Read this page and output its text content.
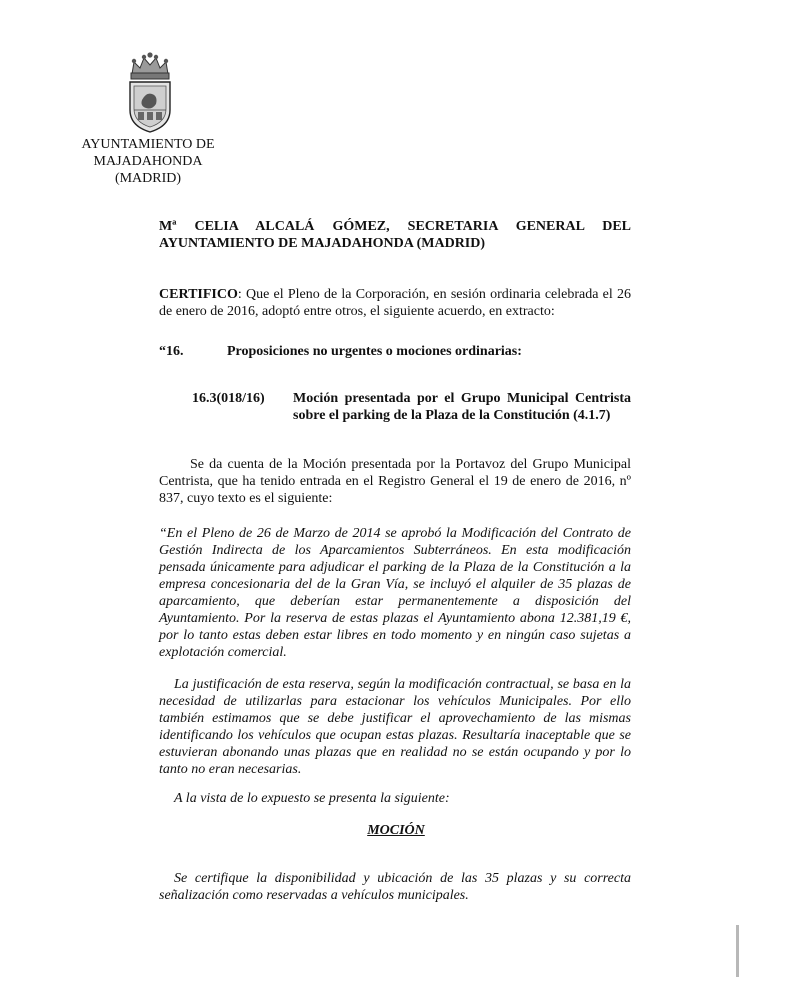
AYUNTAMIENTO DE
MAJADAHONDA
(MADRID)
Mª CELIA ALCALÁ GÓMEZ, SECRETARIA GENERAL DEL
AYUNTAMIENTO DE MAJADAHONDA (MADRID)
CERTIFICO: Que el Pleno de la Corporación, en sesión ordinaria celebrada el 26 de enero de 2016, adoptó entre otros, el siguiente acuerdo, en extracto:
“16.	Proposiciones no urgentes o mociones ordinarias:
16.3(018/16) Moción presentada por el Grupo Municipal Centrista sobre el parking de la Plaza de la Constitución (4.1.7)
Se da cuenta de la Moción presentada por la Portavoz del Grupo Municipal Centrista, que ha tenido entrada en el Registro General el 19 de enero de 2016, nº 837, cuyo texto es el siguiente:
“En el Pleno de 26 de Marzo de 2014 se aprobó la Modificación del Contrato de Gestión Indirecta de los Aparcamientos Subterráneos. En esta modificación pensada únicamente para adjudicar el parking de la Plaza de la Constitución a la empresa concesionaria del de la Gran Vía, se incluyó el alquiler de 35 plazas de aparcamiento, que deberían estar permanentemente a disposición del Ayuntamiento. Por la reserva de estas plazas el Ayuntamiento abona 12.381,19 €, por lo tanto estas deben estar libres en todo momento y en ningún caso sujetas a explotación comercial.
La justificación de esta reserva, según la modificación contractual, se basa en la necesidad de utilizarlas para estacionar los vehículos Municipales. Por ello también estimamos que se debe justificar el aprovechamiento de las mismas identificando los vehículos que ocupan estas plazas. Resultaría inaceptable que se estuvieran abonando unas plazas que en realidad no se están ocupando y por lo tanto no eran necesarias.
A la vista de lo expuesto se presenta la siguiente:
MOCIÓN
Se certifique la disponibilidad y ubicación de las 35 plazas y su correcta señalización como reservadas a vehículos municipales.
